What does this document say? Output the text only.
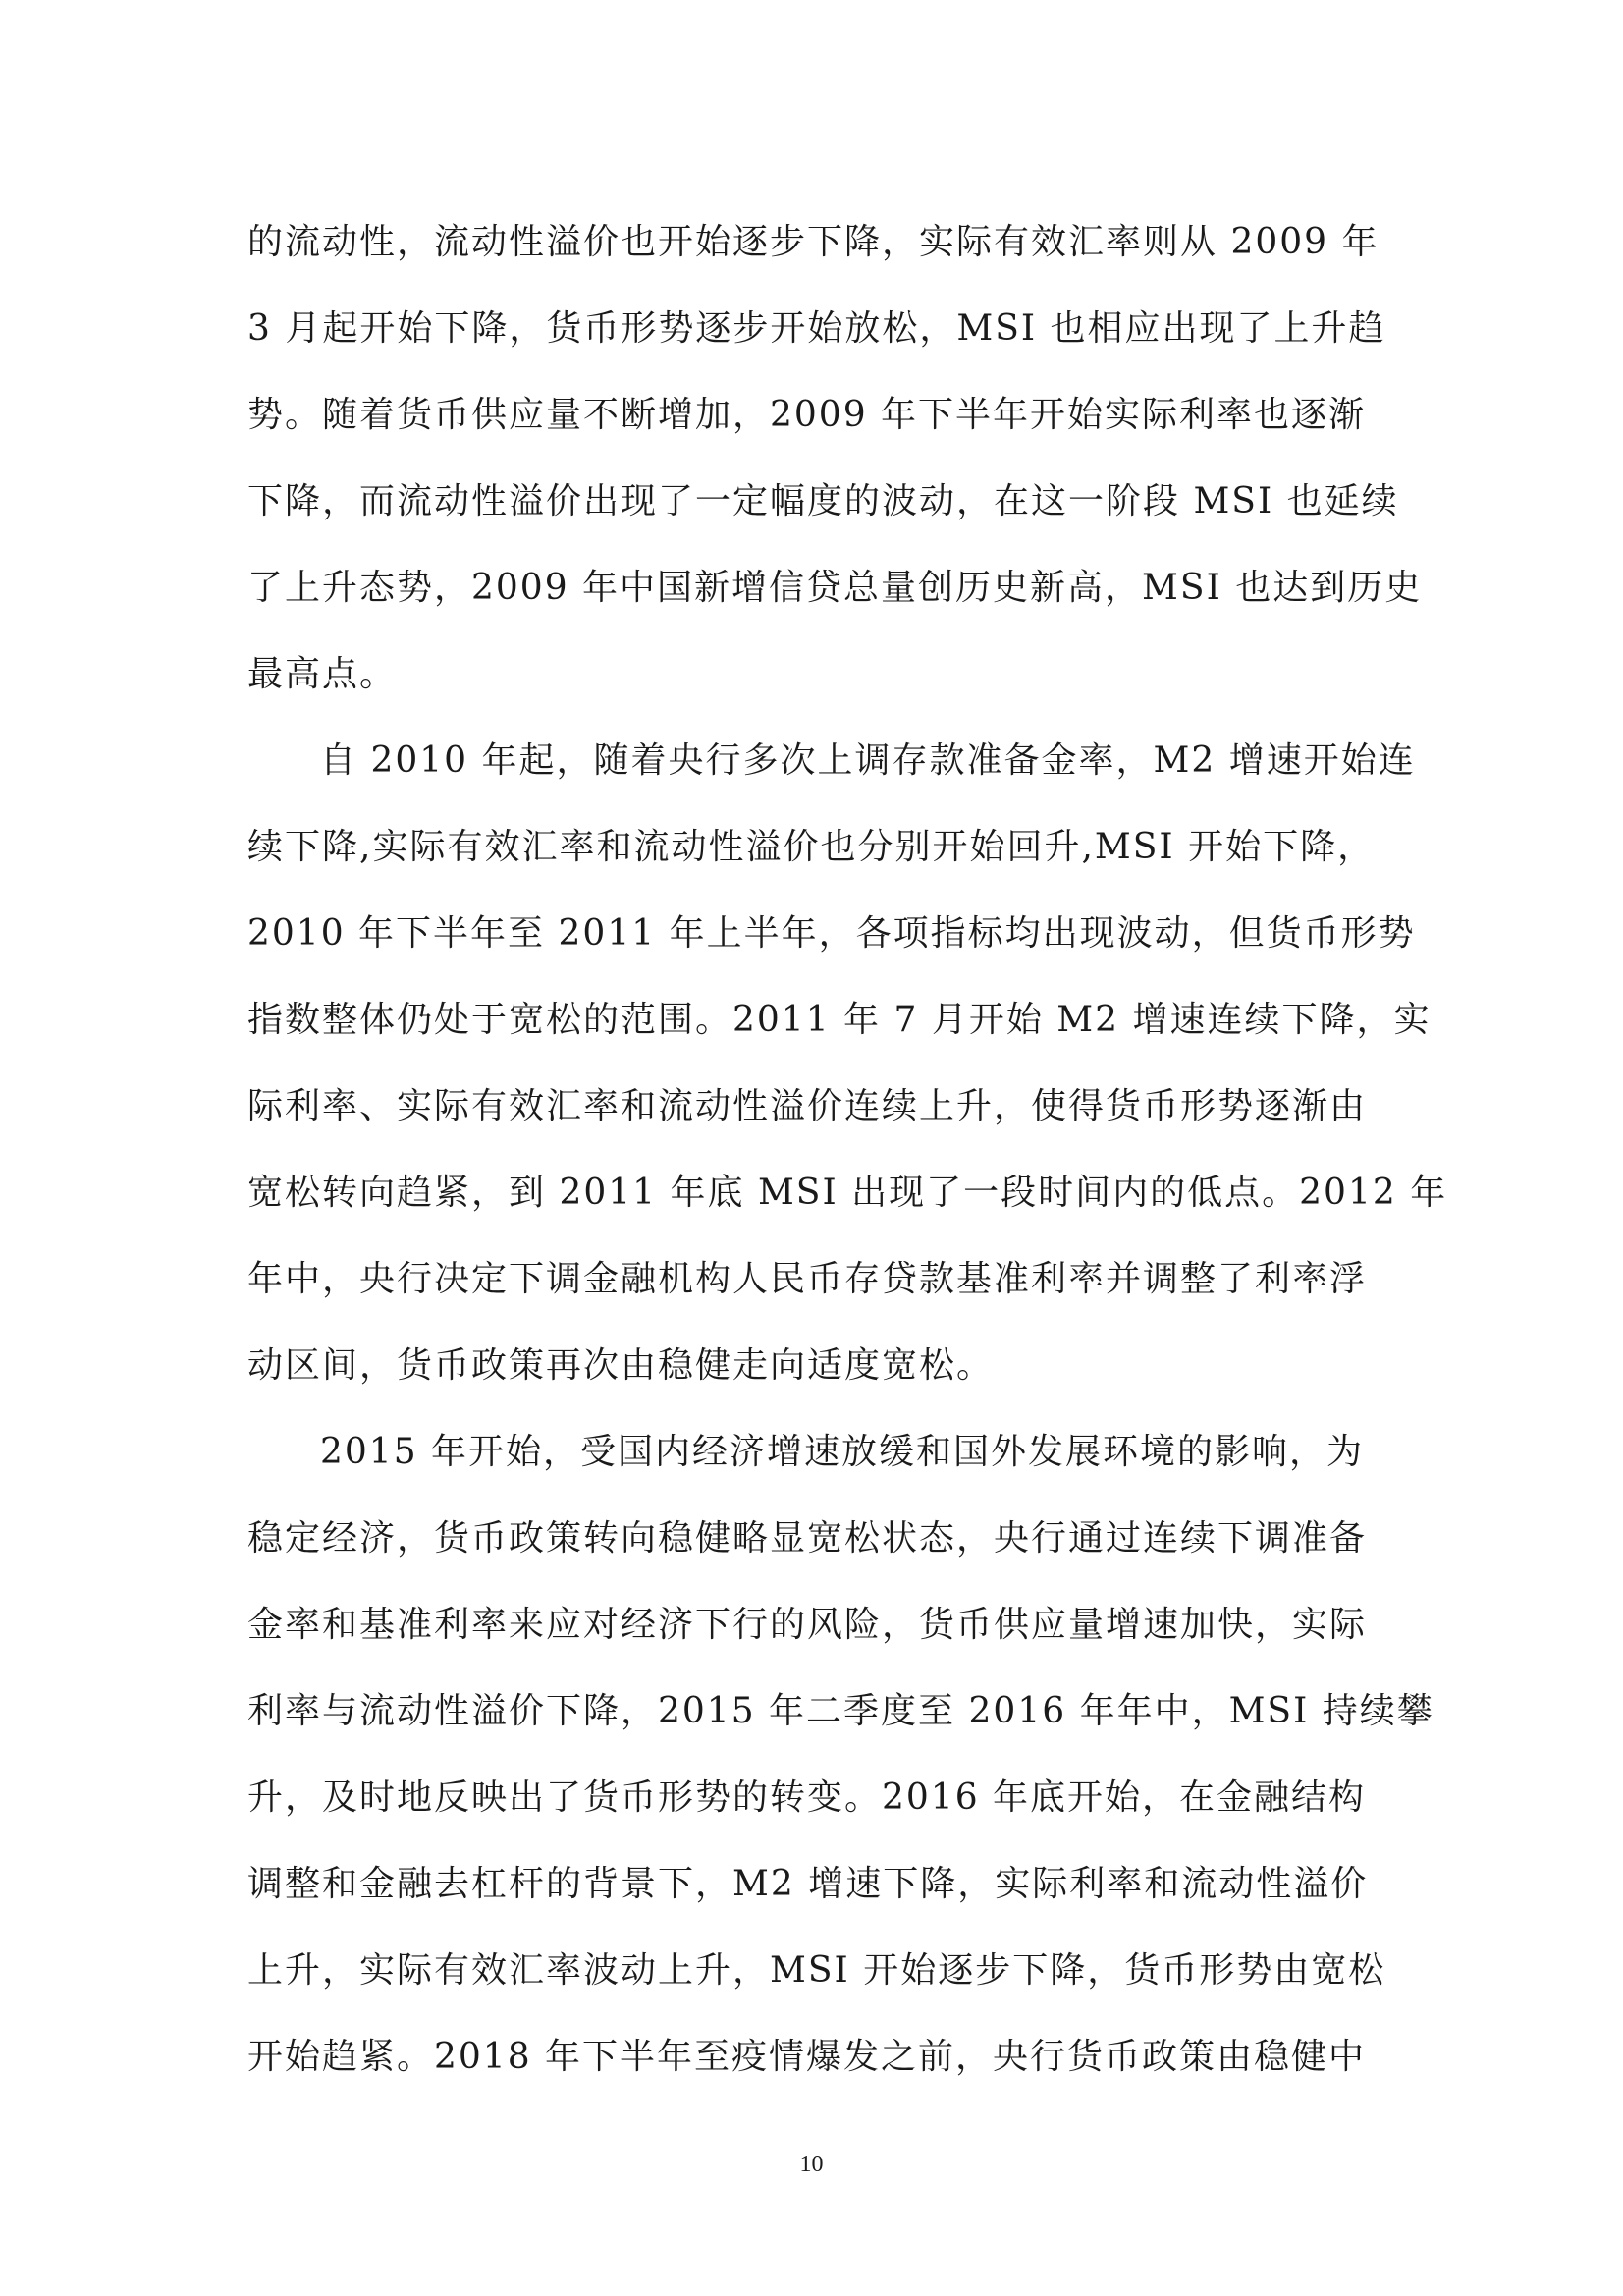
的流动性，流动性溢价也开始逐步下降，实际有效汇率则从 2009 年
3 月起开始下降，货币形势逐步开始放松，MSI 也相应出现了上升趋
势。随着货币供应量不断增加，2009 年下半年开始实际利率也逐渐
下降，而流动性溢价出现了一定幅度的波动，在这一阶段 MSI 也延续
了上升态势，2009 年中国新增信贷总量创历史新高，MSI 也达到历史
最高点。
自 2010 年起，随着央行多次上调存款准备金率，M2 增速开始连
续下降,实际有效汇率和流动性溢价也分别开始回升,MSI 开始下降，
2010 年下半年至 2011 年上半年，各项指标均出现波动，但货币形势
指数整体仍处于宽松的范围。2011 年 7 月开始 M2 增速连续下降，实
际利率、实际有效汇率和流动性溢价连续上升，使得货币形势逐渐由
宽松转向趋紧，到 2011 年底 MSI 出现了一段时间内的低点。2012 年
年中，央行决定下调金融机构人民币存贷款基准利率并调整了利率浮
动区间，货币政策再次由稳健走向适度宽松。
2015 年开始，受国内经济增速放缓和国外发展环境的影响，为
稳定经济，货币政策转向稳健略显宽松状态，央行通过连续下调准备
金率和基准利率来应对经济下行的风险，货币供应量增速加快，实际
利率与流动性溢价下降，2015 年二季度至 2016 年年中，MSI 持续攀
升，及时地反映出了货币形势的转变。2016 年底开始，在金融结构
调整和金融去杠杆的背景下，M2 增速下降，实际利率和流动性溢价
上升，实际有效汇率波动上升，MSI 开始逐步下降，货币形势由宽松
开始趋紧。2018 年下半年至疫情爆发之前，央行货币政策由稳健中
10
